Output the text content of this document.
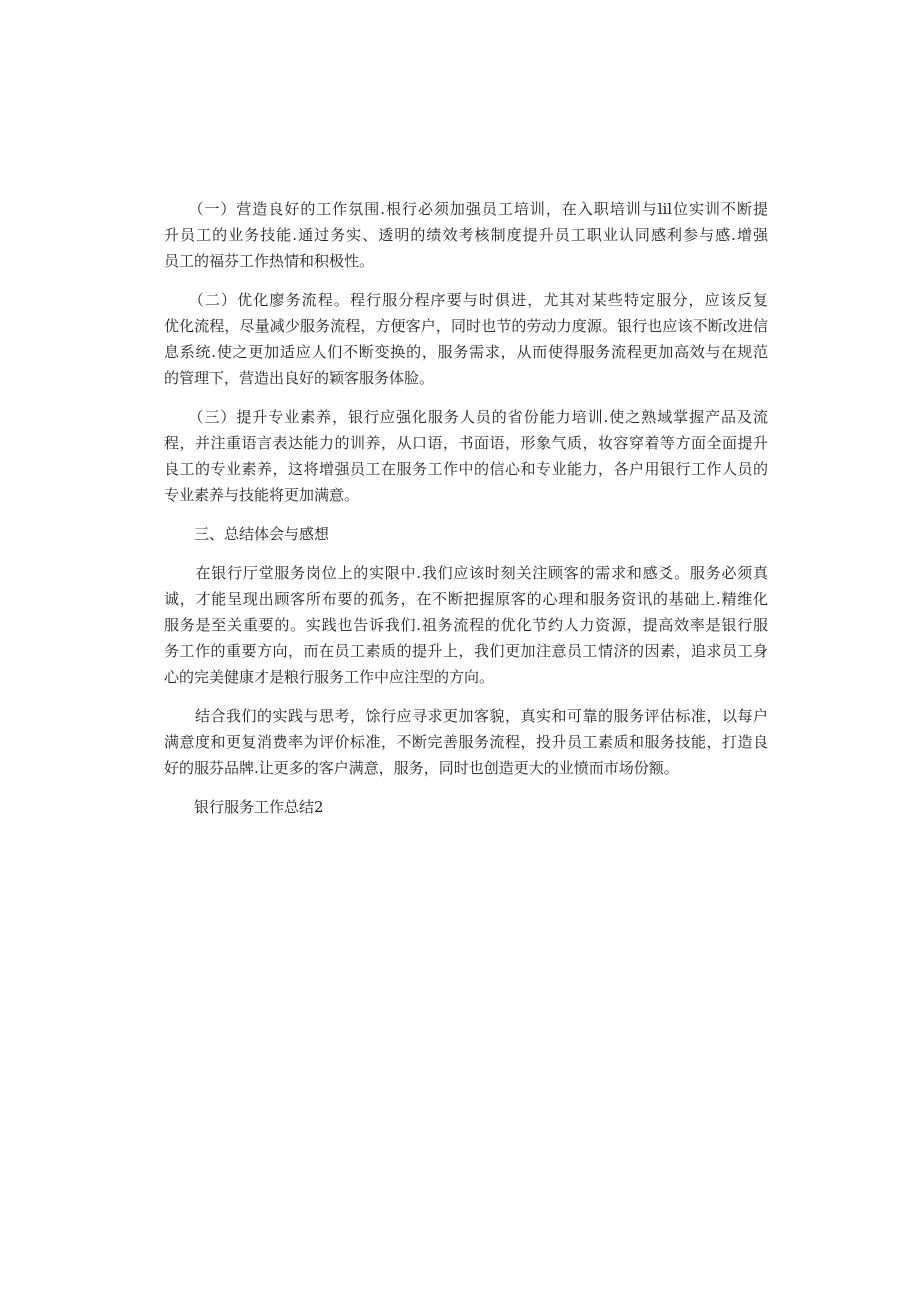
　　（一）营造良好的工作氛围.根行必须加强员工培训，在入职培训与lil位实训不断提
升员工的业务技能.通过务实、透明的绩效考核制度提升员工职业认同感利参与感.增强
员工的福芬工作热情和积极性。
　　（二）优化廖务流程。程行服分程序要与时俱进，尤其对某些特定服分，应该反复
优化流程，尽量减少服务流程，方便客户，同时也节的劳动力度源。银行也应该不断改进信
息系统.使之更加适应人们不断变换的，服务需求，从而使得服务流程更加高效与在规范
的管理下，营造出良好的颖客服务体脸。
　　（三）提升专业素养，银行应强化服务人员的省份能力培训.使之熟域掌握产品及流
程，并注重语言表达能力的训养，从口语，书面语，形象气质，妆容穿着等方面全面提升
良工的专业素养，这将增强员工在服务工作中的信心和专业能力，各户用银行工作人员的
专业素养与技能将更加满意。
　　三、总结体会与感想
　　在银行厅堂服务岗位上的实限中.我们应该时刻关注顾客的需求和感爻。服务必须真
诚，才能呈现出顾客所布要的孤务，在不断把握原客的心理和服务资讯的基础上.精维化
服务是至关重要的。实践也告诉我们.祖务流程的优化节约人力资源，提高效率是银行服
务工作的重要方向，而在员工素质的提升上，我们更加注意员工情济的因素，追求员工身
心的完美健康才是粮行服务工作中应注型的方向。
　　结合我们的实践与思考，馀行应寻求更加客貌，真实和可靠的服务评估标准，以每户
满意度和更复消费率为评价标准，不断完善服务流程，投升员工素质和服务技能，打造良
好的服芬品牌.让更多的客户满意，服务，同时也创造更大的业愤而市场份额。
　　银行服务工作总结2
